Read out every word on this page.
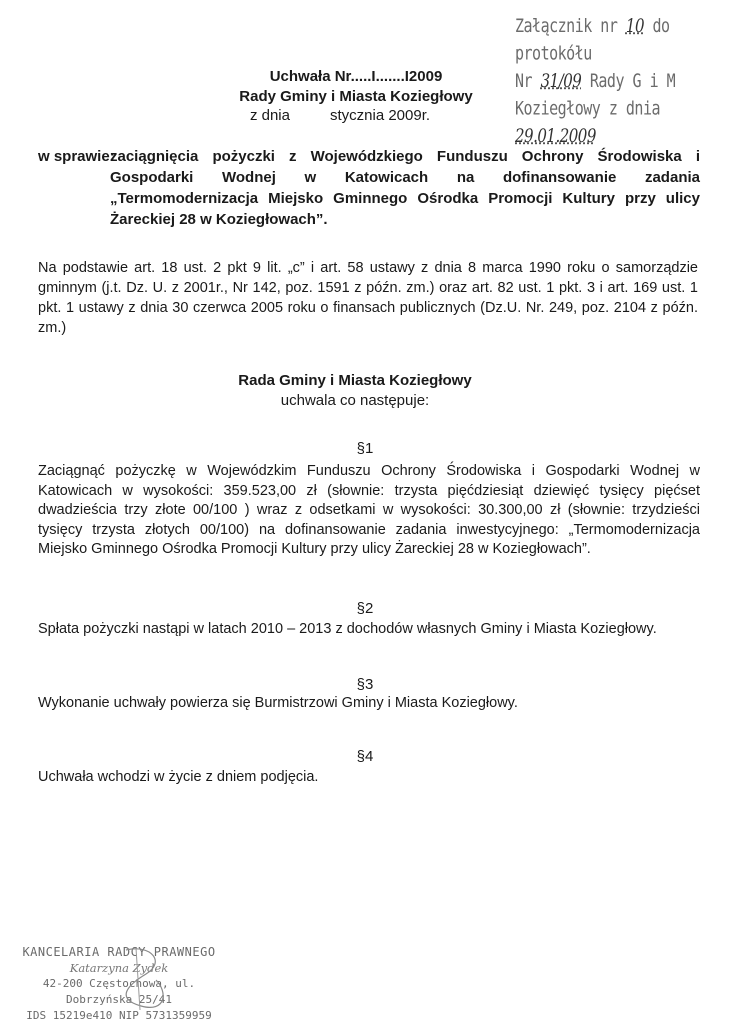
Załącznik nr 10 do protokółu
Nr 31/09 Rady G i M
Koziegłowy z dnia 29.01.2009
Uchwała Nr.....I.......I2009
Rady Gminy i Miasta Koziegłowy
z dnia	stycznia 2009r.
w sprawie:
zaciągnięcia pożyczki z Wojewódzkiego Funduszu Ochrony Środowiska i Gospodarki Wodnej w Katowicach na dofinansowanie zadania „Termomodernizacja Miejsko Gminnego Ośrodka Promocji Kultury przy ulicy Żareckiej 28 w Koziegłowach”.
Na podstawie art. 18 ust. 2 pkt 9 lit. „c” i art. 58 ustawy z dnia 8 marca 1990 roku o samorządzie gminnym (j.t. Dz. U. z 2001r., Nr 142, poz. 1591 z późn. zm.) oraz art. 82 ust. 1 pkt. 3 i art. 169 ust. 1 pkt. 1 ustawy z dnia 30 czerwca 2005 roku o finansach publicznych (Dz.U. Nr. 249, poz. 2104 z późn. zm.)
Rada Gminy i Miasta Koziegłowy
uchwala co następuje:
§1
Zaciągnąć pożyczkę w Wojewódzkim Funduszu Ochrony Środowiska i Gospodarki Wodnej w Katowicach w wysokości: 359.523,00 zł (słownie: trzysta pięćdziesiąt dziewięć tysięcy pięćset dwadzieścia trzy złote 00/100 ) wraz z odsetkami w wysokości: 30.300,00 zł (słownie: trzydzieści tysięcy trzysta złotych 00/100) na dofinansowanie zadania inwestycyjnego: „Termomodernizacja Miejsko Gminnego Ośrodka Promocji Kultury przy ulicy Żareckiej 28 w Koziegłowach”.
§2
Spłata pożyczki nastąpi w latach 2010 – 2013 z dochodów własnych Gminy i Miasta Koziegłowy.
§3
Wykonanie uchwały powierza się Burmistrzowi Gminy i Miasta Koziegłowy.
§4
Uchwała wchodzi w życie z dniem podjęcia.
KANCELARIA RADCY PRAWNEGO
Katarzyna Zydek
42-200 Częstochowa, ul. Dobrzyńska 25/41
IDS 15219e410 NIP 5731359959
